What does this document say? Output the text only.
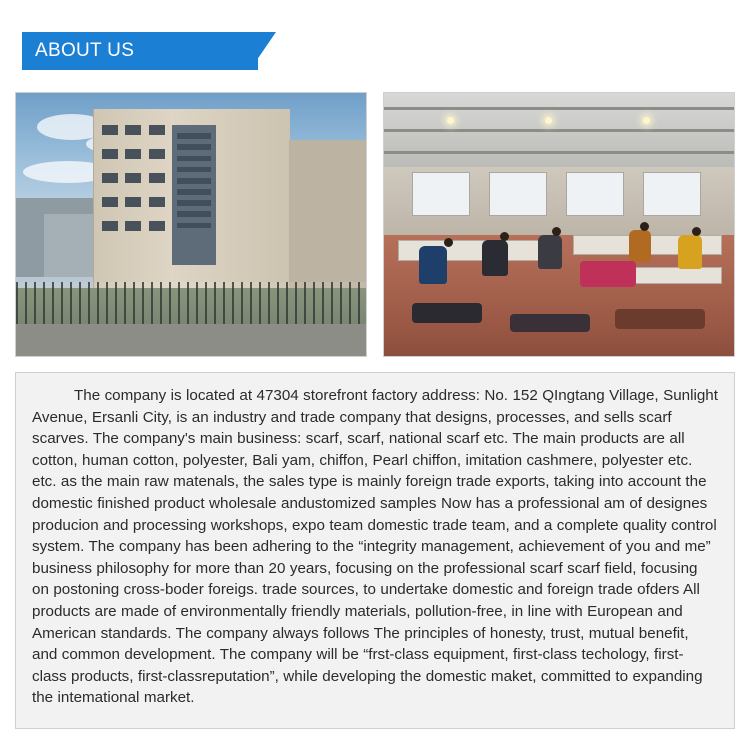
ABOUT US

The company is located at 47304 storefront factory address: No. 152 QIngtang Village, Sunlight Avenue, Ersanli City, is an industry and trade company that designs, processes, and sells scarf scarves. The company's main business: scarf, scarf, national scarf etc. The main products are all cotton, human cotton, polyester, Bali yam, chiffon, Pearl chiffon, imitation cashmere, polyester etc. etc. as the main raw matenals, the sales type is mainly foreign trade exports, taking into account the domestic finished product wholesale andustomized samples Now has a professional am of designes producion and processing workshops, expo team domestic trade team, and a complete quality control system. The company has been adhering to the “integrity management, achievement of you and me” business philosophy for more than 20 years, focusing on the professional scarf scarf field, focusing on postoning cross-boder foreigs. trade sources, to undertake domestic and foreign trade ofders All products are made of environmentally friendly materials, pollution-free, in line with European and American standards. The company always follows The principles of honesty, trust, mutual benefit, and common development. The company will be “frst-class equipment, first-class techology, first-class products, first-classreputation”, while developing the domestic maket, committed to expanding the intemational market.
